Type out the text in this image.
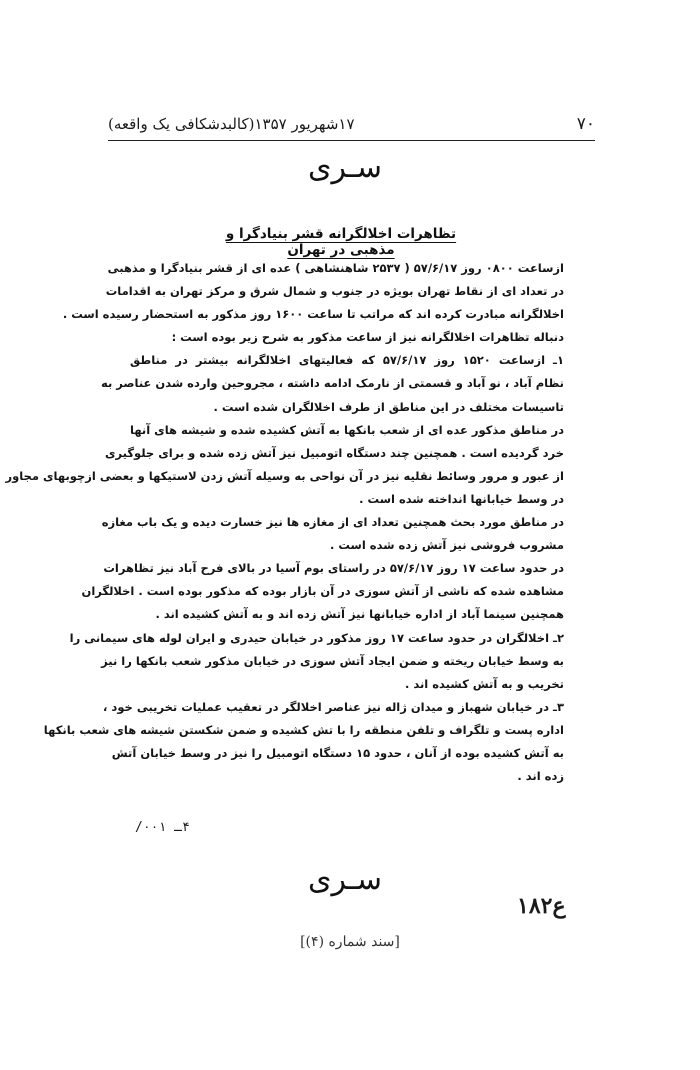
۷۰
۱۷شهریور ۱۳۵۷(کالبدشکافی یک واقعه)
سـری
تظاهرات اخلالگرانه قشر بنیادگرا و مذهبی در تهران
ازساعت ۰۸۰۰ روز ۵۷/۶/۱۷ ( ۲۵۳۷ شاهنشاهی ) عده ای از قشر بنیادگرا و مذهبی
در تعداد ای از نقاط تهران بویژه در جنوب و شمال شرق و مرکز تهران به اقدامات
اخلالگرانه مبادرت کرده اند که مراتب تا ساعت ۱۶۰۰ روز مذکور به استحضار رسیده است .
دنباله تظاهرات اخلالگرانه نیز از ساعت مذکور به شرح زیر بوده است :
۱ـ ازساعت ۱۵۲۰ روز ۵۷/۶/۱۷ که فعالیتهای اخلالگرانه بیشتر در مناطق
نظام آباد ، نو آباد و قسمتی از نارمک ادامه داشته ، مجروحین وارده شدن عناصر به
تاسیسات مختلف در این مناطق از طرف اخلالگران شده است .
در مناطق مذکور عده ای از شعب بانکها به آتش کشیده شده و شیشه های آنها
خرد گردیده است . همچنین چند دستگاه اتومبیل نیز آتش زده شده و برای جلوگیری
از عبور و مرور وسائط نقلیه نیز در آن نواحی به وسیله آتش زدن لاستیکها و بعضی ازچوبهای مجاور
در وسط خیابانها انداخته شده است .
در مناطق مورد بحث همچنین تعداد ای از مغازه ها نیز خسارت دیده و یک باب مغازه
مشروب فروشی نیز آتش زده شده است .
در حدود ساعت ۱۷ روز ۵۷/۶/۱۷ در راستای بوم آسیا در بالای فرح آباد نیز تظاهرات
مشاهده شده که ناشی از آتش سوزی در آن بازار بوده که مذکور بوده است . اخلالگران
همچنین سینما آباد از اداره خیابانها نیز آتش زده اند و به آتش کشیده اند .
۲ـ اخلالگران در حدود ساعت ۱۷ روز مذکور در خیابان حیدری و ایران لوله های سیمانی را
به وسط خیابان ریخته و ضمن ایجاد آتش سوزی در خیابان مذکور شعب بانکها را نیز
تخریب و به آتش کشیده اند .
۳ـ در خیابان شهباز و میدان ژاله نیز عناصر اخلالگر در تعقیب عملیات تخریبی خود ،
اداره پست و تلگراف و تلفن منطقه را با تش کشیده و ضمن شکستن شیشه های شعب بانکها
به آتش کشیده بوده از آنان ، حدود ۱۵ دستگاه اتومبیل را نیز در وسط خیابان آتش
زده اند .
۴ـ ۰۰۱/
سـری
۱۸۲ع
[سند شماره (۴)]
